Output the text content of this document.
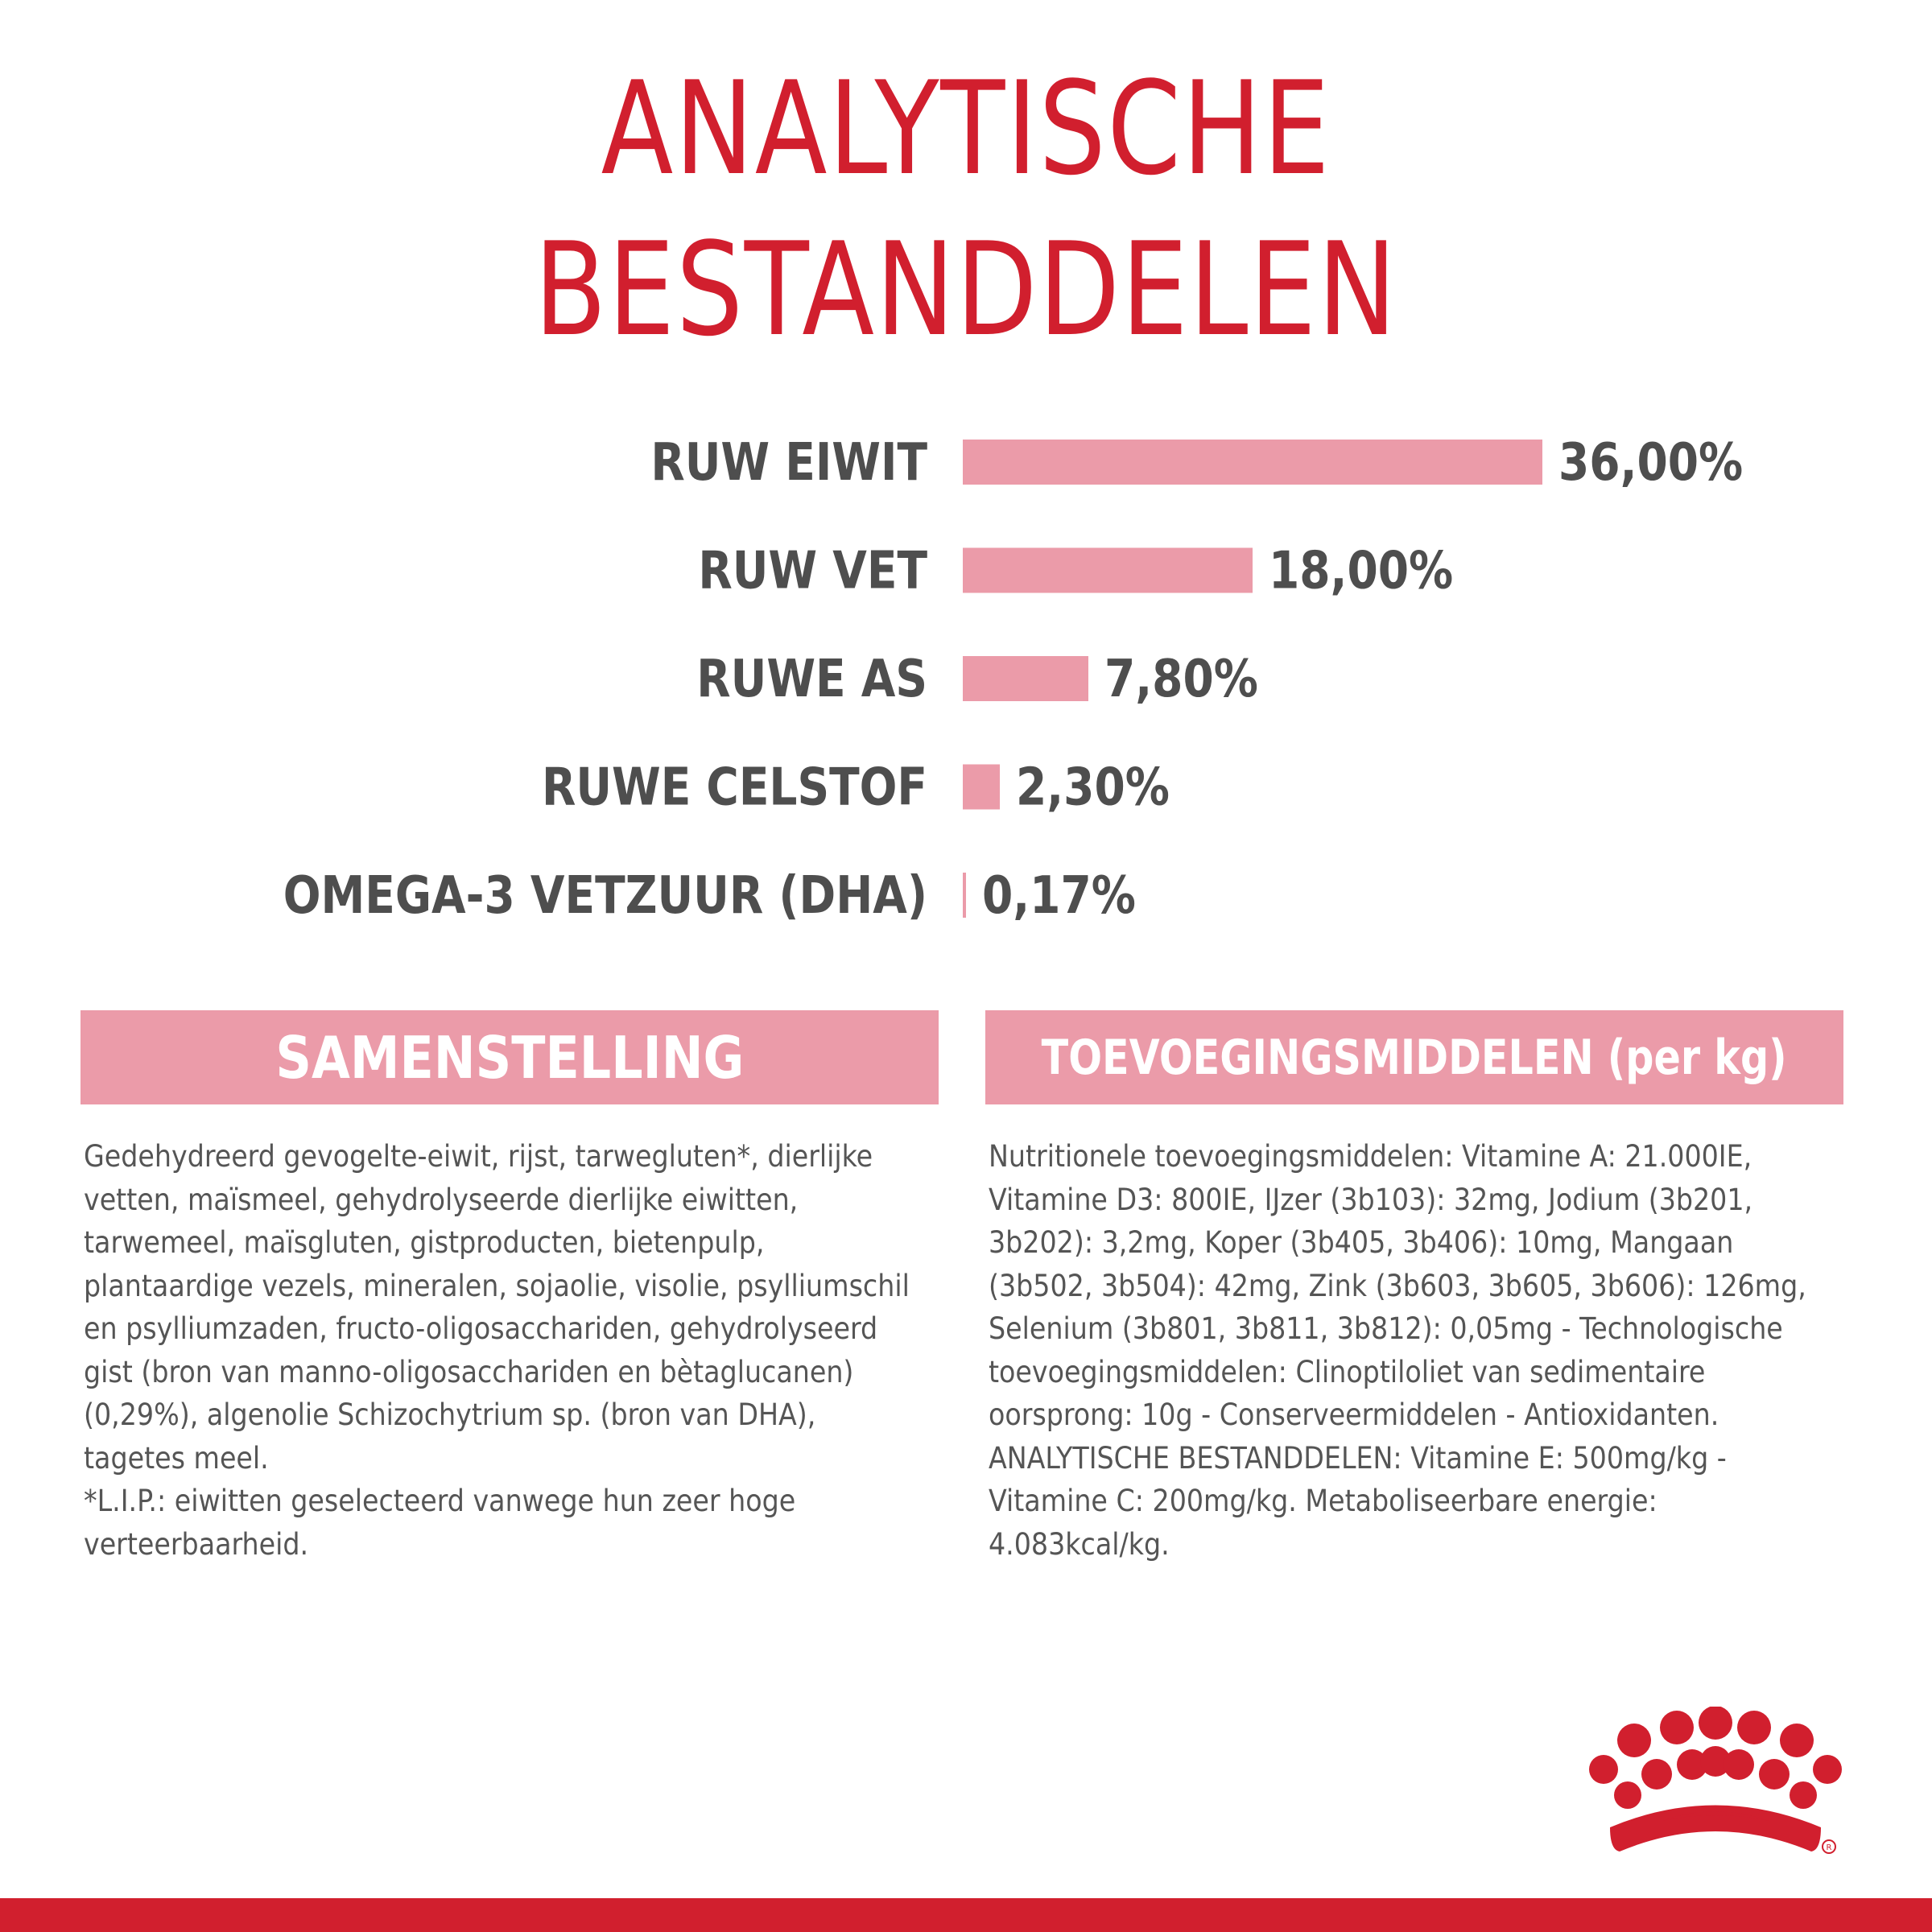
ANALYTISCHE BESTANDDELEN
RUW EIWIT	36,00%
RUW VET	18,00%
RUWE AS	7,80%
RUWE CELSTOF 2,30%
OMEGA-3 VETZUUR (DHA) 0,17%
SAMENSTELLING	TOEVOEGINGSMIDDELEN (per kg)

Gedehydreerd gevogelte-eiwit, rijst, tarwegluten*, dierlijke vetten, maïsmeel, gehydrolyseerde dierlijke eiwitten, tarwemeel, maïsgluten, gistproducten, bietenpulp, plantaardige vezels, mineralen, sojaolie, visolie, psylliumschil en psylliumzaden, fructo-oligosacchariden, gehydrolyseerd gist (bron van manno-oligosacchariden en bètaglucanen) (0,29%), algenolie Schizochytrium sp. (bron van DHA), tagetes meel.
*L.I.P.: eiwitten geselecteerd vanwege hun zeer hoge verteerbaarheid.

Nutritionele toevoegingsmiddelen: Vitamine A: 21.000IE, Vitamine D3: 800IE, IJzer (3b103): 32mg, Jodium (3b201, 3b202): 3,2mg, Koper (3b405, 3b406): 10mg, Mangaan (3b502, 3b504): 42mg, Zink (3b603, 3b605, 3b606): 126mg, Selenium (3b801, 3b811, 3b812): 0,05mg - Technologische toevoegingsmiddelen: Clinoptiloliet van sedimentaire oorsprong: 10g - Conserveermiddelen - Antioxidanten. ANALYTISCHE BESTANDDELEN: Vitamine E: 500mg/kg - Vitamine C: 200mg/kg. Metaboliseerbare energie: 4.083kcal/kg.

R
